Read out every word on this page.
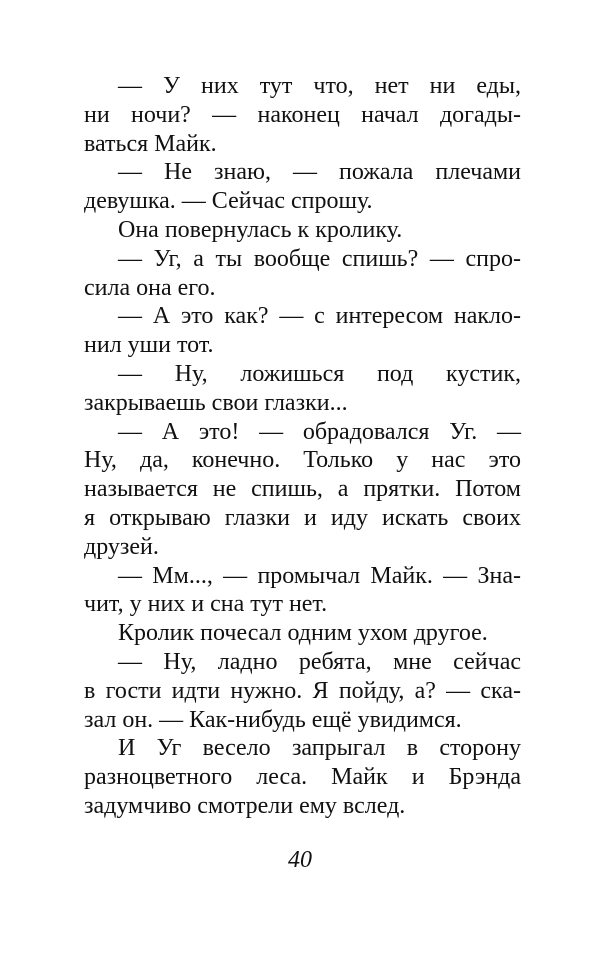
— У них тут что, нет ни еды,
ни ночи? — наконец начал догады-
ваться Майк.
— Не знаю, — пожала плечами
девушка. — Сейчас спрошу.
Она повернулась к кролику.
— Уг, а ты вообще спишь? — спро-
сила она его.
— А это как? — с интересом накло-
нил уши тот.
— Ну, ложишься под кустик,
закрываешь свои глазки...
— А это! — обрадовался Уг. —
Ну, да, конечно. Только у нас это
называется не спишь, а прятки. Потом
я открываю глазки и иду искать своих
друзей.
— Мм..., — промычал Майк. — Зна-
чит, у них и сна тут нет.
Кролик почесал одним ухом другое.
— Ну, ладно ребята, мне сейчас
в гости идти нужно. Я пойду, а? — ска-
зал он. — Как-нибудь ещё увидимся.
И Уг весело запрыгал в сторону
разноцветного леса. Майк и Брэнда
задумчиво смотрели ему вслед.
40
